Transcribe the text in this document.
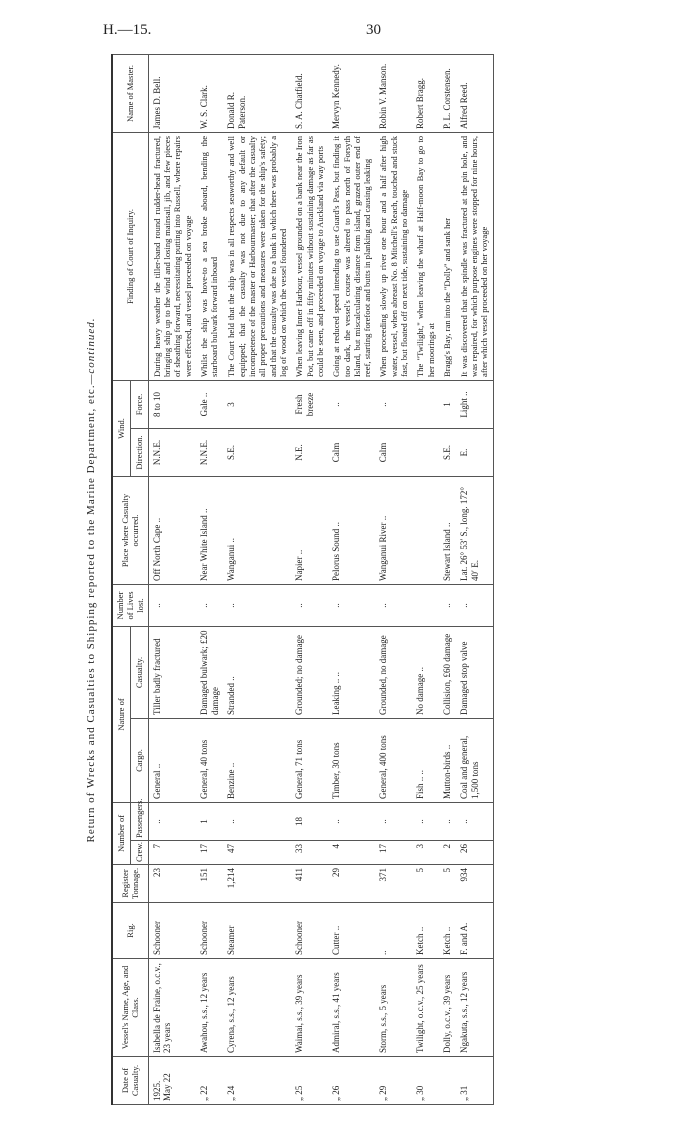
H.—15.	30
Return of Wrecks and Casualties to Shipping reported to the Marine Department, etc.—continued.
Date of Casualty.	Vessel's Name, Age, and Class.	Rig.	Register Tonnage.	Number of		Nature of		Number of Lives lost.	Place where Casualty occurred.	Wind.		Finding of Court of Inquiry.	Name of Master.
				Crew.	Passengers.	Cargo.	Casualty.			Direction.	Force.		

1925. May 22	Isabella de Fraine, o.c.v., 23 years	Schooner	23	7	..	General ..	Tiller badly fractured	..	Off North Cape ..	N.N.E.	8 to 10	During heavy weather the tiller-band round rudder-head fractured, bringing ship up to the wind and losing mainsail, jib, and few pieces of sheathing forward, necessitating putting into Russell, where repairs were effected, and vessel proceeded on voyage	James D. Bell.

„ 22	Awahou, s.s., 12 years	Schooner	151	17	1	General, 40 tons	Damaged bulwark; £20 damage	..	Near White Island ..	N.N.E.	Gale ..	Whilst the ship was hove-to a sea broke aboard, bending the starboard bulwark forward inboard	W. S. Clark.

„ 24	Cyrena, s.s., 12 years	Steamer	1,214	47	..	Benzine ..	Stranded ..	..	Wanganui ..	S.E.	3	The Court held that the ship was in all respects seaworthy and well equipped; that the casualty was not due to any default or incompetence of the master or Harbourmaster; that after the casualty all proper precautions and measures were taken for the ship's safety; and that the casualty was due to a bank in which there was probably a log of wood on which the vessel foundered	Donald R. Paterson.

„ 25	Waimai, s.s., 39 years	Schooner	411	33	18	General, 71 tons	Grounded; no damage	..	Napier ..	N.E.	Fresh breeze	When leaving Inner Harbour, vessel grounded on a bank near the Iron Pot, but came off in fifty minutes without sustaining damage as far as could be seen, and proceeded on voyage to Auckland via way ports	S. A. Chatfield.

„ 26	Admiral, s.s., 41 years	Cutter ..	29	4	..	Timber, 30 tons	Leaking .. ..	..	Pelorus Sound ..	Calm	..	Going at reduced speed intending to use Guard's Pass, but finding it too dark, the vessel's course was altered to pass north of Forsyth Island, but miscalculating distance from island, grazed outer end of reef, starting forefoot and butts in planking and causing leaking	Mervyn Kennedy.

„ 29	Storm, s.s., 5 years	..	371	17	..	General, 400 tons	Grounded, no damage	..	Wanganui River ..	Calm	..	When proceeding slowly up river one hour and a half after high water, vessel, when abreast No. 8 Mitchell's Reach, touched and stuck fast, but floated off on next tide, sustaining no damage	Robin V. Manson.

„ 30	Twilight, o.c.v., 25 years	Ketch ..	5	3	..	Fish .. ..	No damage ..					The "Twilight," when leaving the wharf at Half-moon Bay to go to her moorings at	Robert Bragg.

	Dolly, o.c.v., 39 years	Ketch ..	5	2	..	Mutton-birds ..	Collision, £60 damage	..	Stewart Island ..	S.E.	1	Bragg's Bay, ran into the "Dolly" and sank her	P. L. Corstensen.

„ 31	Ngakuta, s.s., 12 years	F. and A.	934	26	..	Coal and general, 1,500 tons	Damaged stop valve	..	Lat. 26° 53′ S., long. 172° 40′ E.	E.	Light ..	It was discovered that the spindle was fractured at the pin hole, and was repaired, for which purpose engines were stopped for nine hours, after which vessel proceeded on her voyage	Alfred Reed.
